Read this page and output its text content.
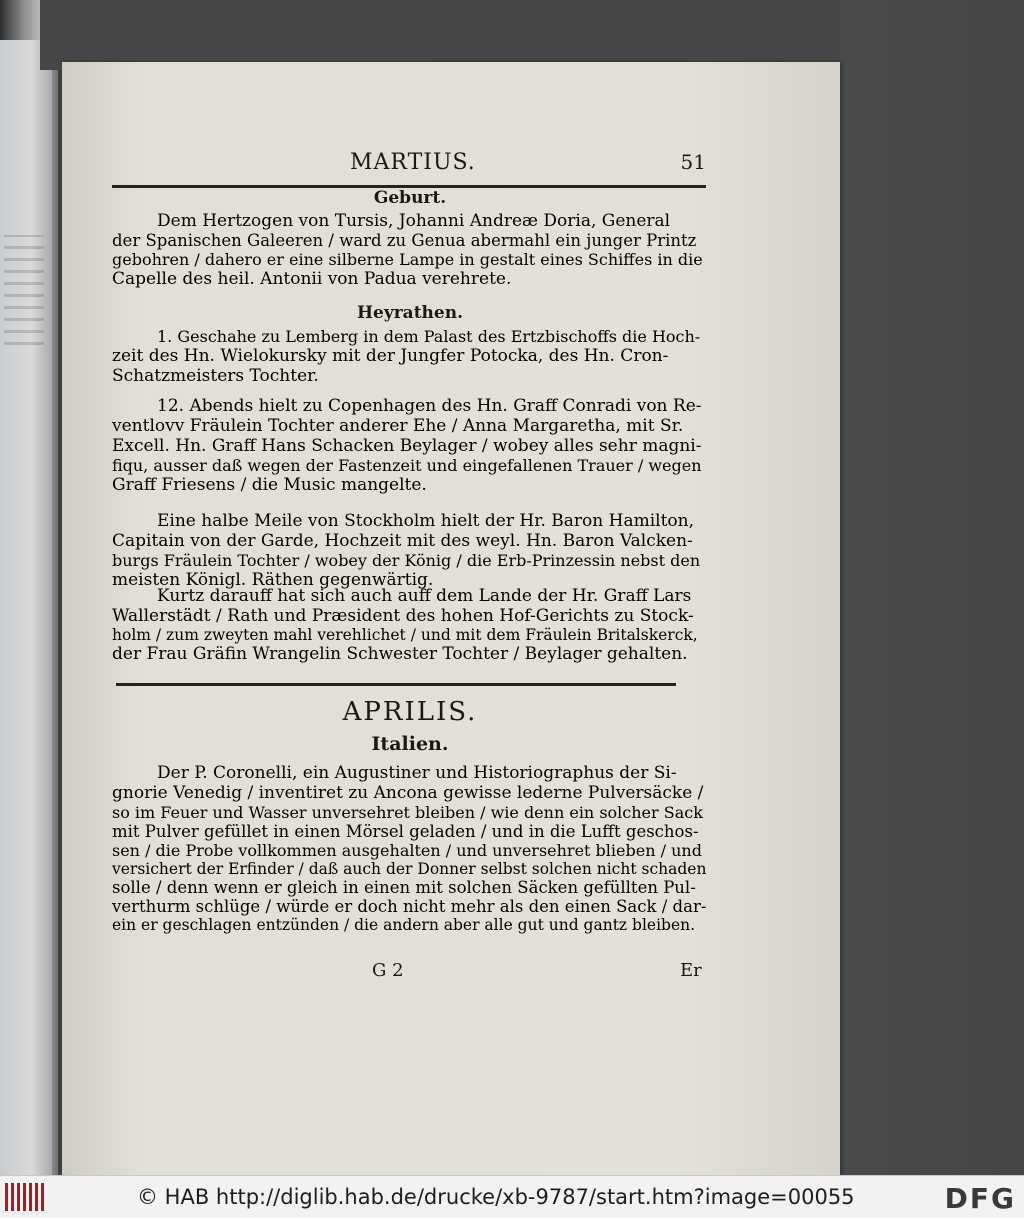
MARTIUS.	51
Geburt.
Dem Hertzogen von Tursis, Johanni Andreæ Doria, General
der Spanischen Galeeren / ward zu Genua abermahl ein junger Printz
gebohren / dahero er eine silberne Lampe in gestalt eines Schiffes in die
Capelle des heil. Antonii von Padua verehrete.
Heyrathen.
1. Geschahe zu Lemberg in dem Palast des Ertzbischoffs die Hoch-
zeit des Hn. Wielokursky mit der Jungfer Potocka, des Hn. Cron-
Schatzmeisters Tochter.
12. Abends hielt zu Copenhagen des Hn. Graff Conradi von Re-
ventlovv Fräulein Tochter anderer Ehe / Anna Margaretha, mit Sr.
Excell. Hn. Graff Hans Schacken Beylager / wobey alles sehr magni-
fiqu, ausser daß wegen der Fastenzeit und eingefallenen Trauer / wegen
Graff Friesens / die Music mangelte.
Eine halbe Meile von Stockholm hielt der Hr. Baron Hamilton,
Capitain von der Garde, Hochzeit mit des weyl. Hn. Baron Valcken-
burgs Fräulein Tochter / wobey der König / die Erb-Prinzessin nebst den
meisten Königl. Räthen gegenwärtig.
Kurtz darauff hat sich auch auff dem Lande der Hr. Graff Lars
Wallerstädt / Rath und Præsident des hohen Hof-Gerichts zu Stock-
holm / zum zweyten mahl verehlichet / und mit dem Fräulein Britalskerck,
der Frau Gräfin Wrangelin Schwester Tochter / Beylager gehalten.
APRILIS.
Italien.
Der P. Coronelli, ein Augustiner und Historiographus der Si-
gnorie Venedig / inventiret zu Ancona gewisse lederne Pulversäcke /
so im Feuer und Wasser unversehret bleiben / wie denn ein solcher Sack
mit Pulver gefüllet in einen Mörsel geladen / und in die Lufft geschos-
sen / die Probe vollkommen ausgehalten / und unversehret blieben / und
versichert der Erfinder / daß auch der Donner selbst solchen nicht schaden
solle / denn wenn er gleich in einen mit solchen Säcken gefüllten Pul-
verthurm schlüge / würde er doch nicht mehr als den einen Sack / dar-
ein er geschlagen entzünden / die andern aber alle gut und gantz bleiben.
G 2	Er
© HAB http://diglib.hab.de/drucke/xb-9787/start.htm?image=00055	DFG
